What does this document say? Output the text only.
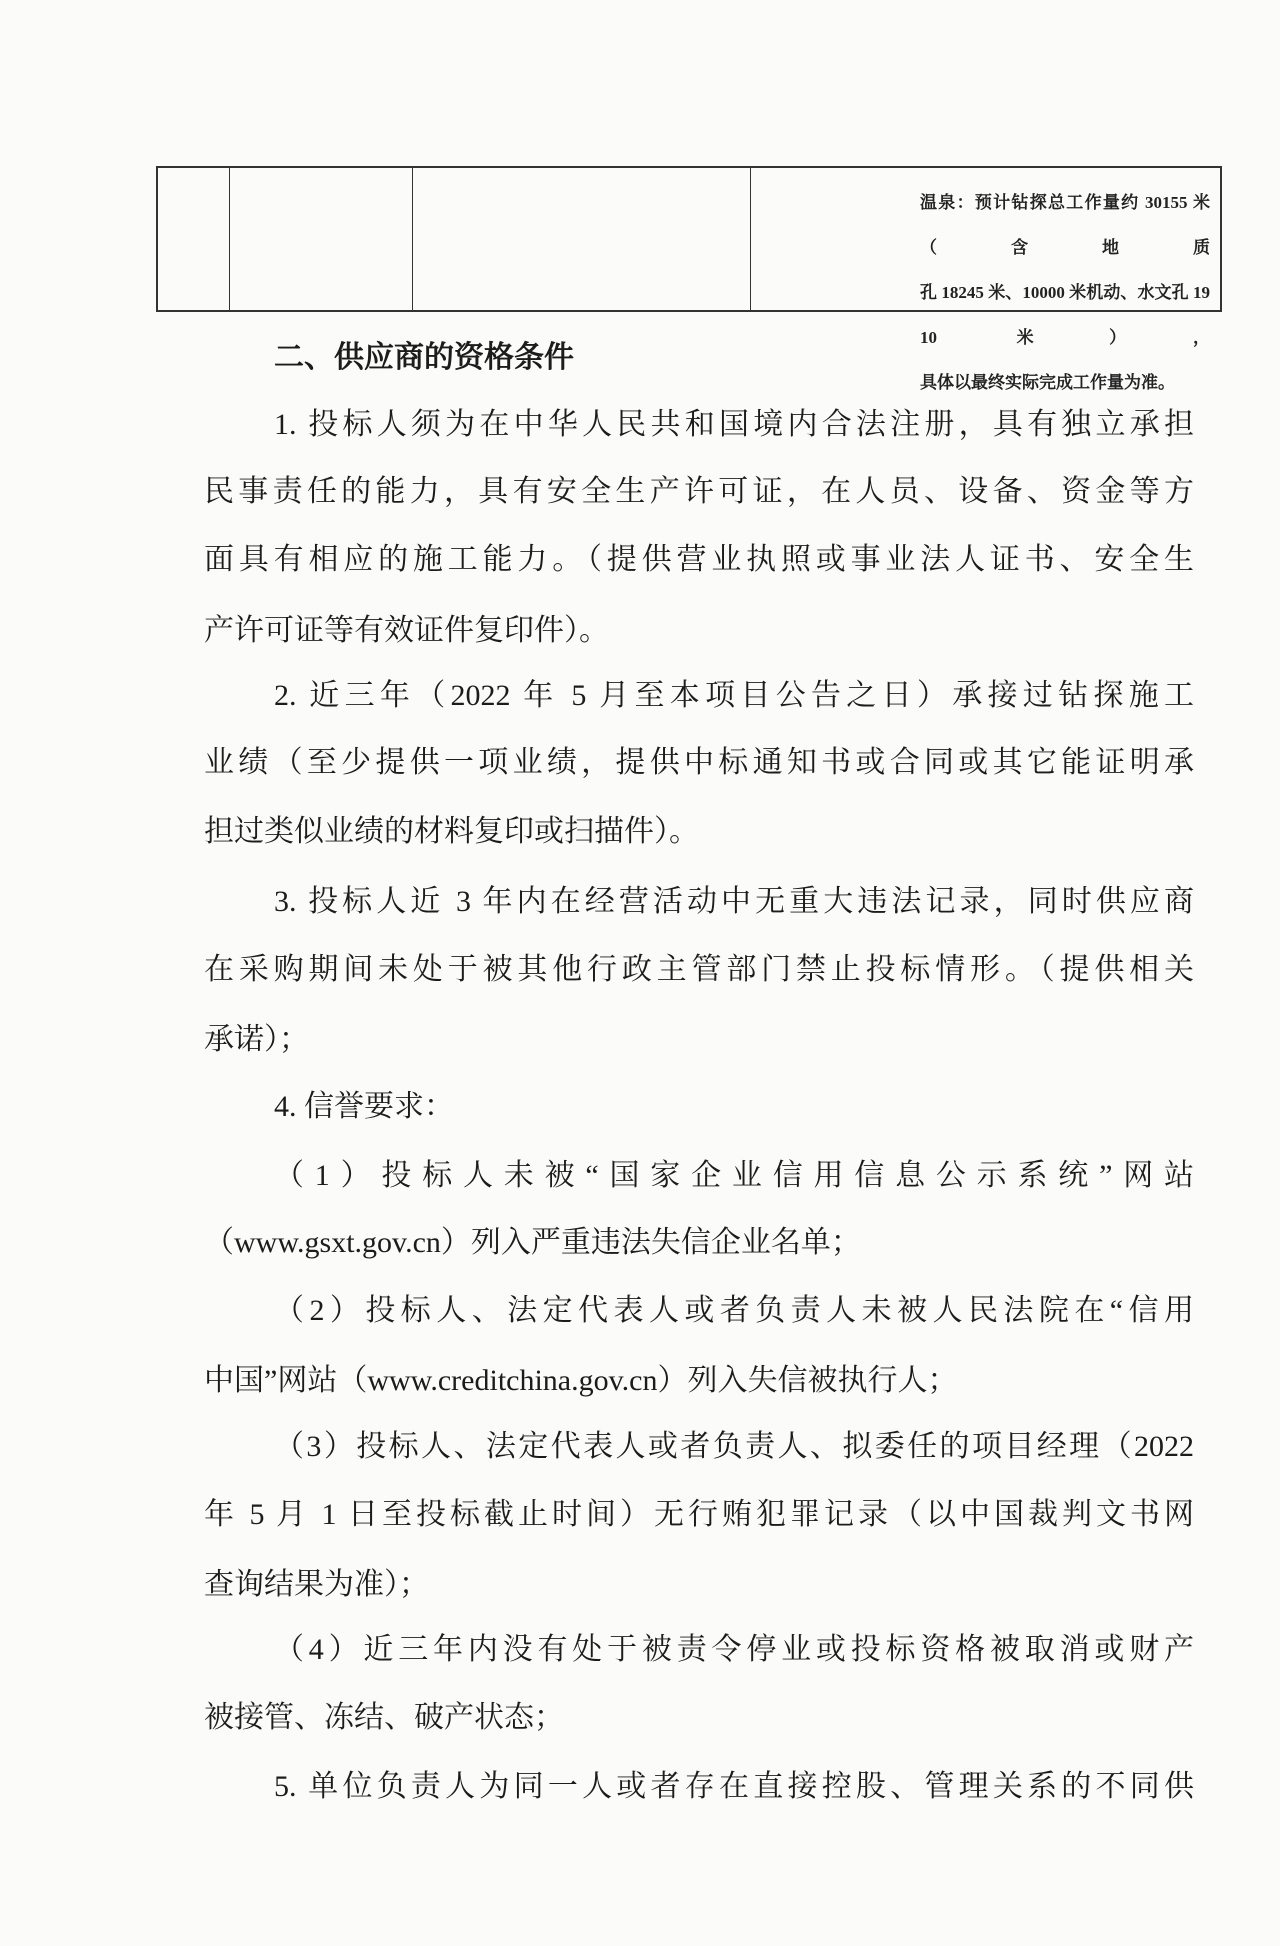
温泉：预计钻探总工作量约 30155 米（含地质
孔 18245 米、10000 米机动、水文孔 1910 米），
具体以最终实际完成工作量为准。
二、供应商的资格条件
1. 投标人须为在中华人民共和国境内合法注册，具有独立承担
民事责任的能力，具有安全生产许可证，在人员、设备、资金等方
面具有相应的施工能力。（提供营业执照或事业法人证书、安全生
产许可证等有效证件复印件）。
2. 近三年（2022 年 5 月至本项目公告之日）承接过钻探施工
业绩（至少提供一项业绩，提供中标通知书或合同或其它能证明承
担过类似业绩的材料复印或扫描件）。
3. 投标人近 3 年内在经营活动中无重大违法记录，同时供应商
在采购期间未处于被其他行政主管部门禁止投标情形。（提供相关
承诺）；
4. 信誉要求：
（1）投标人未被“国家企业信用信息公示系统”网站
（www.gsxt.gov.cn）列入严重违法失信企业名单；
（2）投标人、法定代表人或者负责人未被人民法院在“信用
中国”网站（www.creditchina.gov.cn）列入失信被执行人；
（3）投标人、法定代表人或者负责人、拟委任的项目经理（2022
年 5 月 1 日至投标截止时间）无行贿犯罪记录（以中国裁判文书网
查询结果为准）；
（4）近三年内没有处于被责令停业或投标资格被取消或财产
被接管、冻结、破产状态；
5. 单位负责人为同一人或者存在直接控股、管理关系的不同供
